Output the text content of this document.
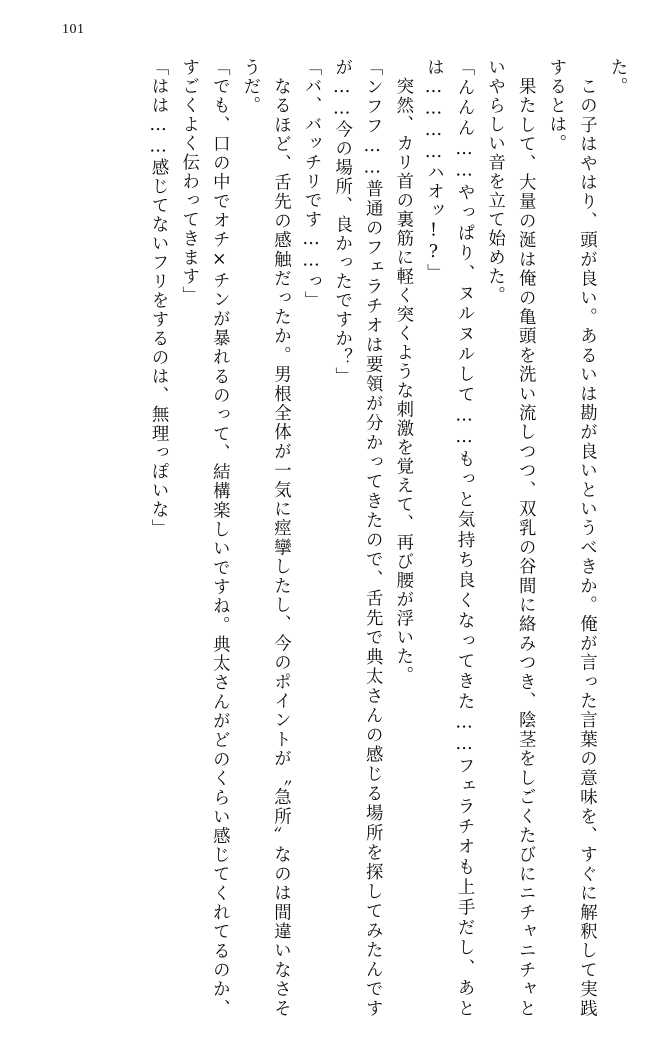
101

た。

　この子はやはり、頭が良い。あるいは勘が良いというべきか。俺が言った言葉の意味を、すぐに解釈して実践するとは。

　果たして、大量の涎は俺の亀頭を洗い流しつつ、双乳の谷間に絡みつき、陰茎をしごくたびにニチャニチャといやらしい音を立て始めた。

「んんん……やっぱり、ヌルヌルして……もっと気持ち良くなってきた……フェラチオも上手だし、あとは…………ハオッ!?」

　突然、カリ首の裏筋に軽く突くような刺激を覚えて、再び腰が浮いた。

「ンフフ……普通のフェラチオは要領が分かってきたので、舌先で典太さんの感じる場所を探してみたんですが……今の場所、良かったですか？」

「バ、バッチリです……っ」

　なるほど、舌先の感触だったか。男根全体が一気に痙攣したし、今のポイントが〝急所〟なのは間違いなさそうだ。

「でも、口の中でオチ×チンが暴れるのって、結構楽しいですね。典太さんがどのくらい感じてくれてるのか、すごくよく伝わってきます」

「はは……感じてないフリをするのは、無理っぽいな」
